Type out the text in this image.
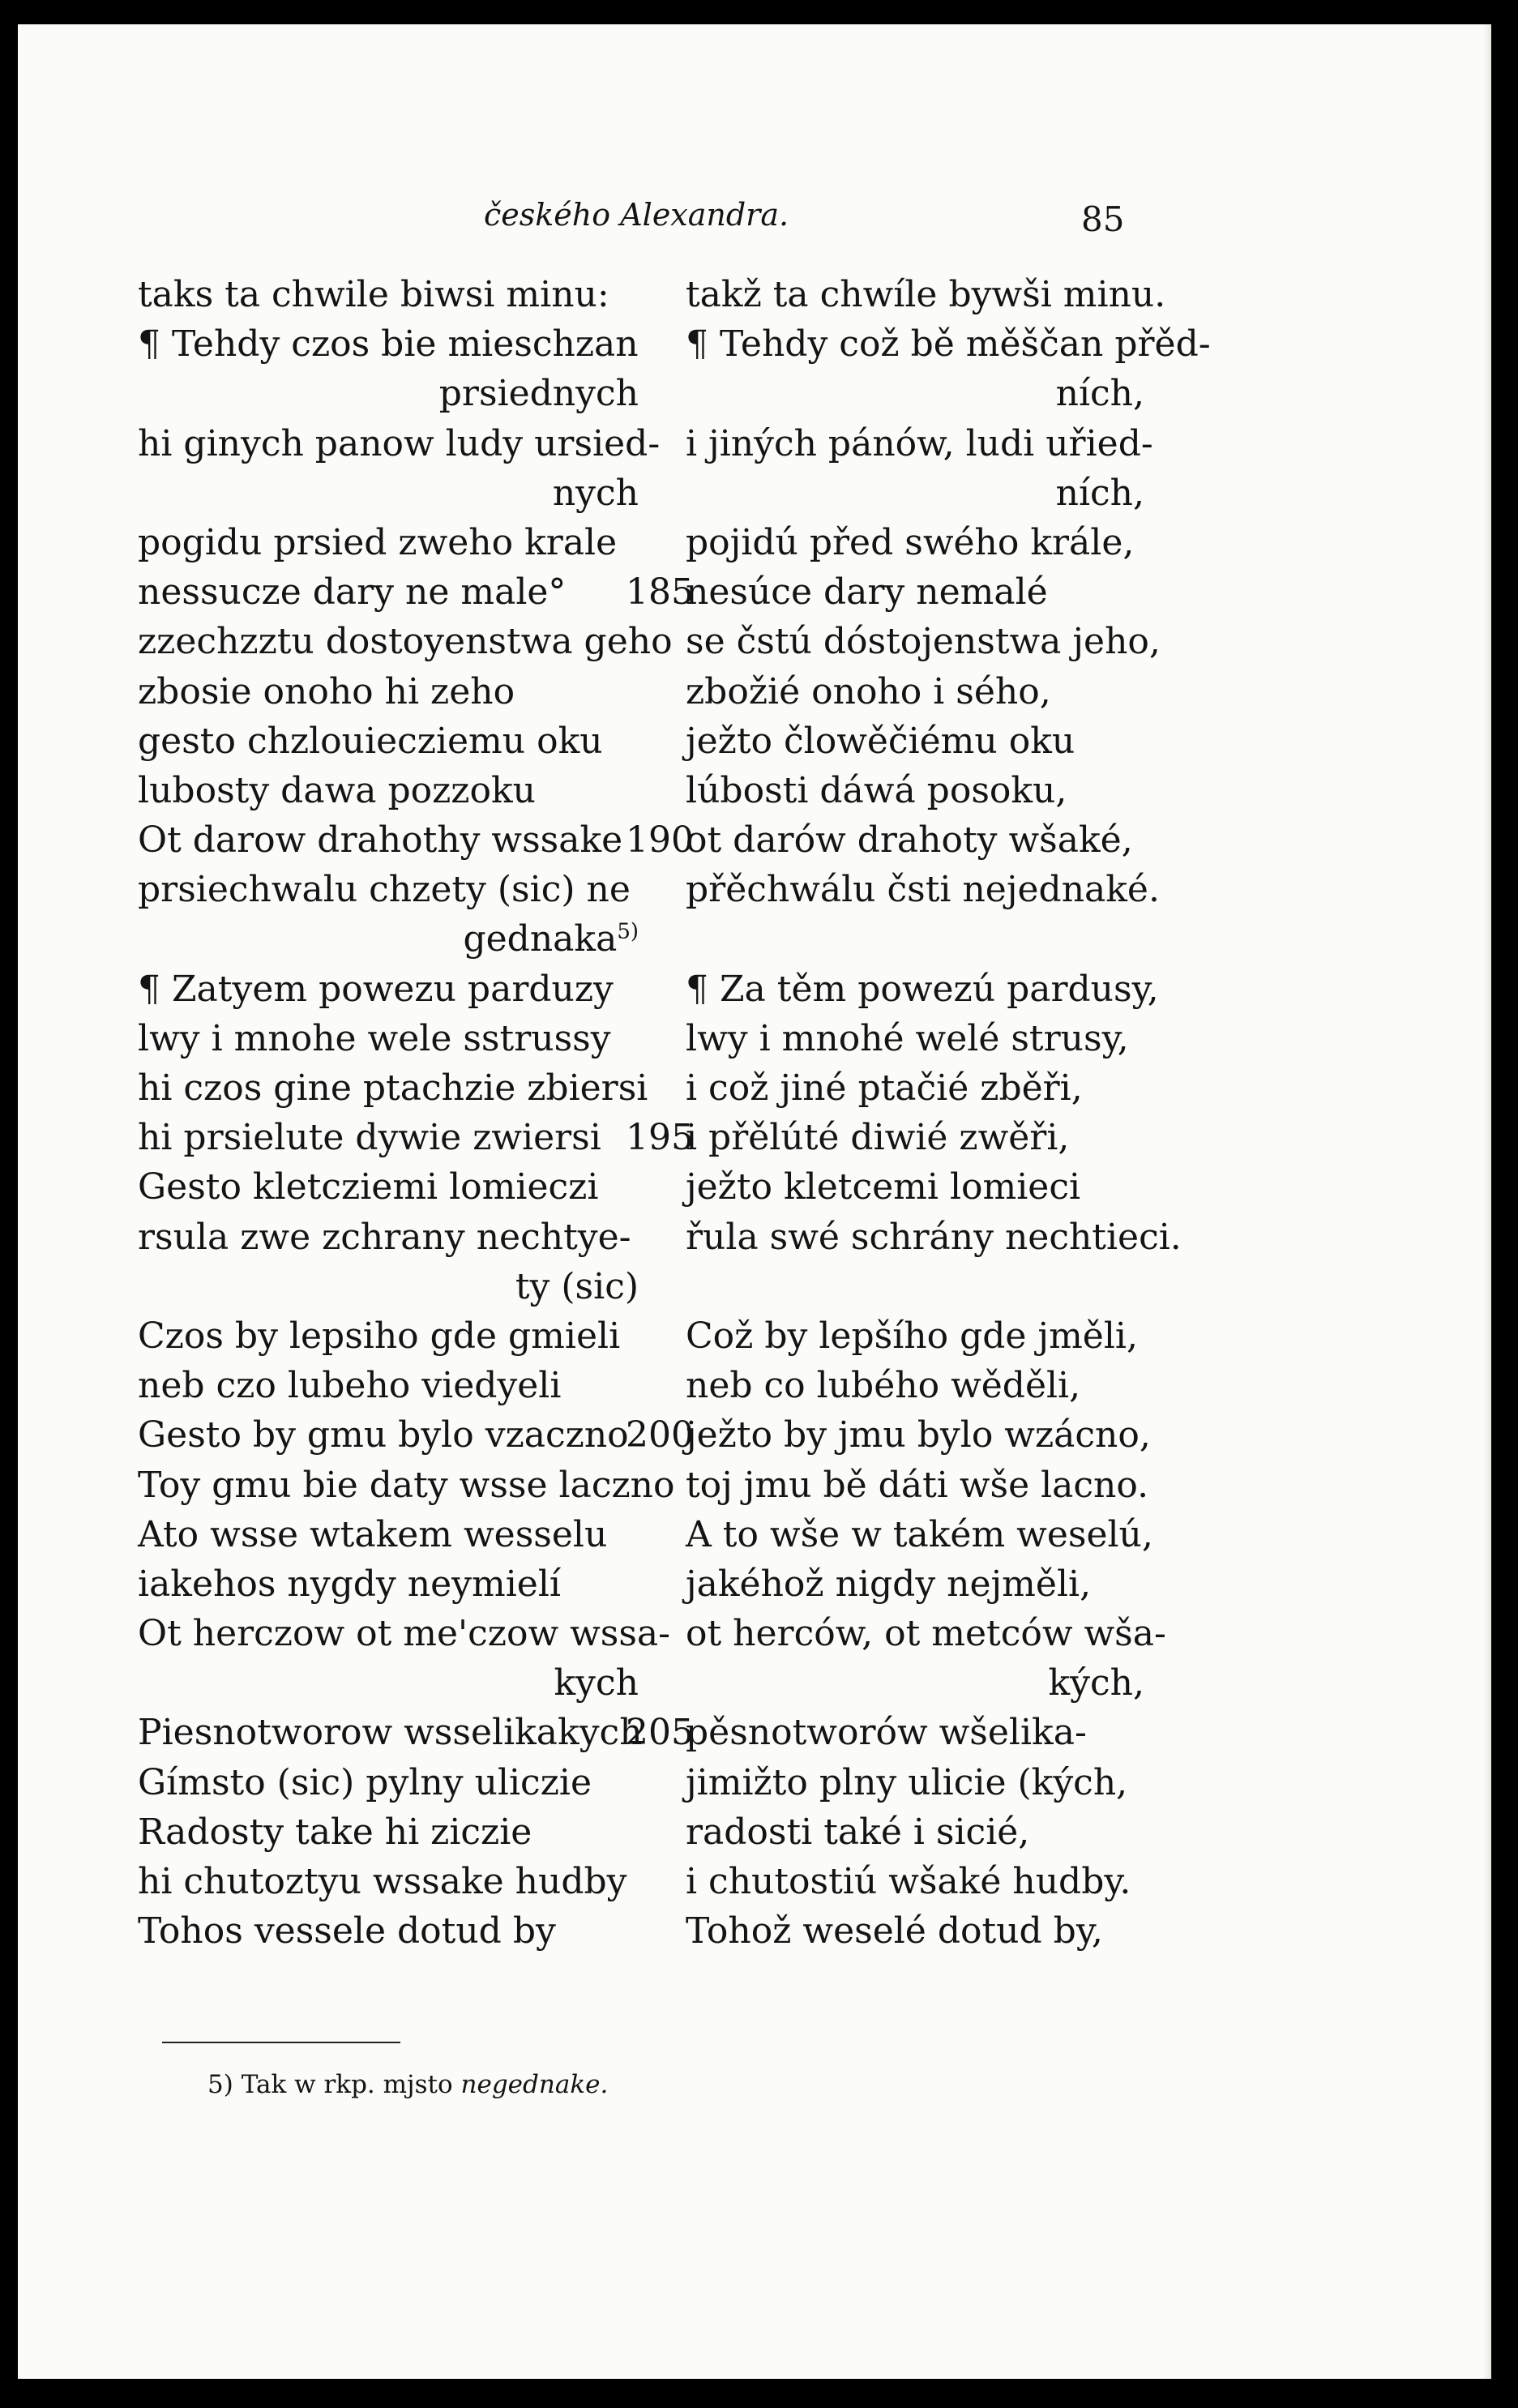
českého Alexandra.	85
taks ta chwile biwsi minu:
¶ Tehdy czos bie mieschzan
prsiednych
hi ginych panow ludy ursied-
nych
pogidu prsied zweho krale
nessucze dary ne male°
zzechzztu dostoyenstwa geho
zbosie onoho hi zeho
gesto chzlouiecziemu oku
lubosty dawa pozzoku
Ot darow drahothy wssake
prsiechwalu chzety (sic) ne
gednaka$^{5)}$
¶ Zatyem powezu parduzy
lwy i mnohe wele sstrussy
hi czos gine ptachzie zbiersi
hi prsielute dywie zwiersi
Gesto kletcziemi lomieczi
rsula zwe zchrany nechtye-
ty (sic)
Czos by lepsiho gde gmieli
neb czo lubeho viedyeli
Gesto by gmu bylo vzaczno
Toy gmu bie daty wsse laczno
Ato wsse wtakem wesselu
iakehos nygdy neymielí
Ot herczow ot me'czow wssa-
kych
Piesnotworow wsselikakych
Gímsto (sic) pylny uliczie
Radosty take hi ziczie
hi chutoztyu wssake hudby
Tohos vessele dotud by
takž ta chwíle bywši minu.
¶ Tehdy což bě měščan přěd-
ních,
i jiných pánów, ludi uřied-
ních,
pojidú před swého krále,
185
nesúce dary nemalé
se čstú dóstojenstwa jeho,
zbožié onoho i sého,
ježto člowěčiému oku
lúbosti dáwá posoku,
190
ot darów drahoty wšaké,
přěchwálu čsti nejednaké.
¶ Za těm powezú pardusy,
lwy i mnohé welé strusy,
i což jiné ptačié zběři,
195
i přělúté diwié zwěři,
ježto kletcemi lomieci
řula swé schrány nechtieci.
Což by lepšího gde jměli,
neb co lubého wěděli,
200
ježto by jmu bylo wzácno,
toj jmu bě dáti wše lacno.
A to wše w takém weselú,
jakéhož nigdy nejměli,
ot herców, ot metców wša-
kých,
205
pěsnotworów wšelika-
jimižto plny ulicie (kých,
radosti také i sicié,
i chutostiú wšaké hudby.
Tohož weselé dotud by,
5) Tak w rkp. mjsto negednake.
